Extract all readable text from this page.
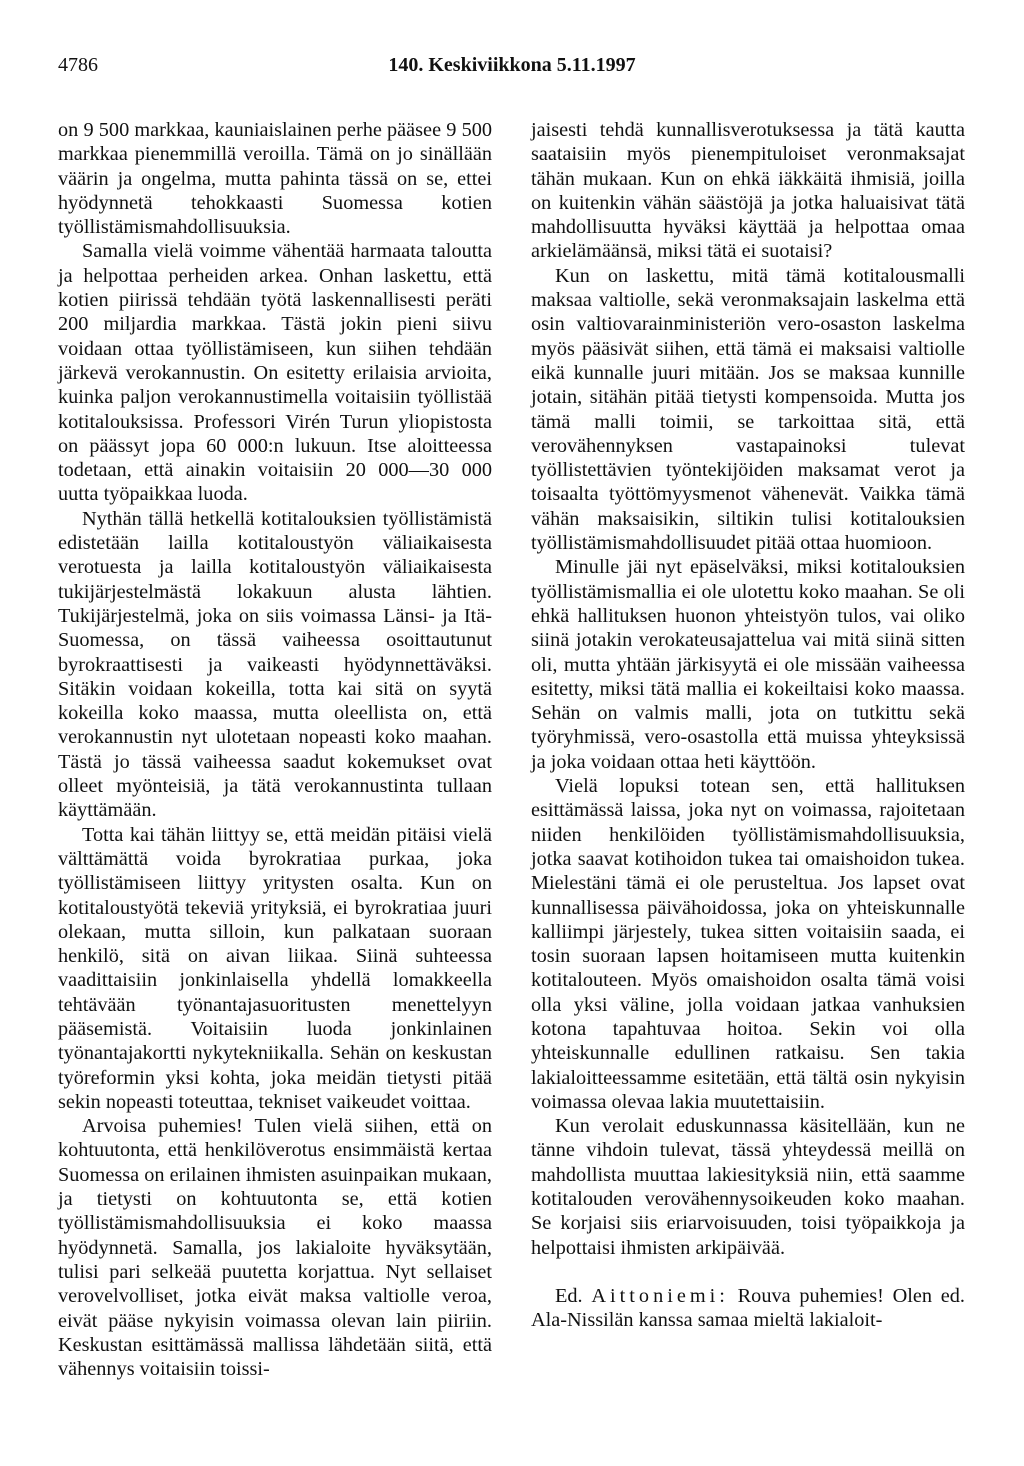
4786	140. Keskiviikkona 5.11.1997

on 9 500 markkaa, kauniaislainen perhe pääsee 9 500 markkaa pienemmillä veroilla. Tämä on jo sinällään väärin ja ongelma, mutta pahinta tässä on se, ettei hyödynnetä tehokkaasti Suomessa kotien työllistämismahdollisuuksia.

Samalla vielä voimme vähentää harmaata taloutta ja helpottaa perheiden arkea. Onhan laskettu, että kotien piirissä tehdään työtä laskennallisesti peräti 200 miljardia markkaa. Tästä jokin pieni siivu voidaan ottaa työllistämiseen, kun siihen tehdään järkevä verokannustin. On esitetty erilaisia arvioita, kuinka paljon verokannustimella voitaisiin työllistää kotitalouksissa. Professori Virén Turun yliopistosta on päässyt jopa 60 000:n lukuun. Itse aloitteessa todetaan, että ainakin voitaisiin 20 000—30 000 uutta työpaikkaa luoda.

Nythän tällä hetkellä kotitalouksien työllistämistä edistetään lailla kotitaloustyön väliaikaisesta verotuesta ja lailla kotitaloustyön väliaikaisesta tukijärjestelmästä lokakuun alusta lähtien. Tukijärjestelmä, joka on siis voimassa Länsi- ja Itä-Suomessa, on tässä vaiheessa osoittautunut byrokraattisesti ja vaikeasti hyödynnettäväksi. Sitäkin voidaan kokeilla, totta kai sitä on syytä kokeilla koko maassa, mutta oleellista on, että verokannustin nyt ulotetaan nopeasti koko maahan. Tästä jo tässä vaiheessa saadut kokemukset ovat olleet myönteisiä, ja tätä verokannustinta tullaan käyttämään.

Totta kai tähän liittyy se, että meidän pitäisi vielä välttämättä voida byrokratiaa purkaa, joka työllistämiseen liittyy yritysten osalta. Kun on kotitaloustyötä tekeviä yrityksiä, ei byrokratiaa juuri olekaan, mutta silloin, kun palkataan suoraan henkilö, sitä on aivan liikaa. Siinä suhteessa vaadittaisiin jonkinlaisella yhdellä lomakkeella tehtävään työnantajasuoritusten menettelyyn pääsemistä. Voitaisiin luoda jonkinlainen työnantajakortti nykytekniikalla. Sehän on keskustan työreformin yksi kohta, joka meidän tietysti pitää sekin nopeasti toteuttaa, tekniset vaikeudet voittaa.

Arvoisa puhemies! Tulen vielä siihen, että on kohtuutonta, että henkilöverotus ensimmäistä kertaa Suomessa on erilainen ihmisten asuinpaikan mukaan, ja tietysti on kohtuutonta se, että kotien työllistämismahdollisuuksia ei koko maassa hyödynnetä. Samalla, jos lakialoite hyväksytään, tulisi pari selkeää puutetta korjattua. Nyt sellaiset verovelvolliset, jotka eivät maksa valtiolle veroa, eivät pääse nykyisin voimassa olevan lain piiriin. Keskustan esittämässä mallissa lähdetään siitä, että vähennys voitaisiin toissi-

jaisesti tehdä kunnallisverotuksessa ja tätä kautta saataisiin myös pienempituloiset veronmaksajat tähän mukaan. Kun on ehkä iäkkäitä ihmisiä, joilla on kuitenkin vähän säästöjä ja jotka haluaisivat tätä mahdollisuutta hyväksi käyttää ja helpottaa omaa arkielämäänsä, miksi tätä ei suotaisi?

Kun on laskettu, mitä tämä kotitalousmalli maksaa valtiolle, sekä veronmaksajain laskelma että osin valtiovarainministeriön vero-osaston laskelma myös pääsivät siihen, että tämä ei maksaisi valtiolle eikä kunnalle juuri mitään. Jos se maksaa kunnille jotain, sitähän pitää tietysti kompensoida. Mutta jos tämä malli toimii, se tarkoittaa sitä, että verovähennyksen vastapainoksi tulevat työllistettävien työntekijöiden maksamat verot ja toisaalta työttömyysmenot vähenevät. Vaikka tämä vähän maksaisikin, siltikin tulisi kotitalouksien työllistämismahdollisuudet pitää ottaa huomioon.

Minulle jäi nyt epäselväksi, miksi kotitalouksien työllistämismallia ei ole ulotettu koko maahan. Se oli ehkä hallituksen huonon yhteistyön tulos, vai oliko siinä jotakin verokateusajattelua vai mitä siinä sitten oli, mutta yhtään järkisyytä ei ole missään vaiheessa esitetty, miksi tätä mallia ei kokeiltaisi koko maassa. Sehän on valmis malli, jota on tutkittu sekä työryhmissä, vero-osastolla että muissa yhteyksissä ja joka voidaan ottaa heti käyttöön.

Vielä lopuksi totean sen, että hallituksen esittämässä laissa, joka nyt on voimassa, rajoitetaan niiden henkilöiden työllistämismahdollisuuksia, jotka saavat kotihoidon tukea tai omaishoidon tukea. Mielestäni tämä ei ole perusteltua. Jos lapset ovat kunnallisessa päivähoidossa, joka on yhteiskunnalle kalliimpi järjestely, tukea sitten voitaisiin saada, ei tosin suoraan lapsen hoitamiseen mutta kuitenkin kotitalouteen. Myös omaishoidon osalta tämä voisi olla yksi väline, jolla voidaan jatkaa vanhuksien kotona tapahtuvaa hoitoa. Sekin voi olla yhteiskunnalle edullinen ratkaisu. Sen takia lakialoitteessamme esitetään, että tältä osin nykyisin voimassa olevaa lakia muutettaisiin.

Kun verolait eduskunnassa käsitellään, kun ne tänne vihdoin tulevat, tässä yhteydessä meillä on mahdollista muuttaa lakiesityksiä niin, että saamme kotitalouden verovähennysoikeuden koko maahan. Se korjaisi siis eriarvoisuuden, toisi työpaikkoja ja helpottaisi ihmisten arkipäivää.

Ed. Aittoniemi: Rouva puhemies! Olen ed. Ala-Nissilän kanssa samaa mieltä lakialoit-
